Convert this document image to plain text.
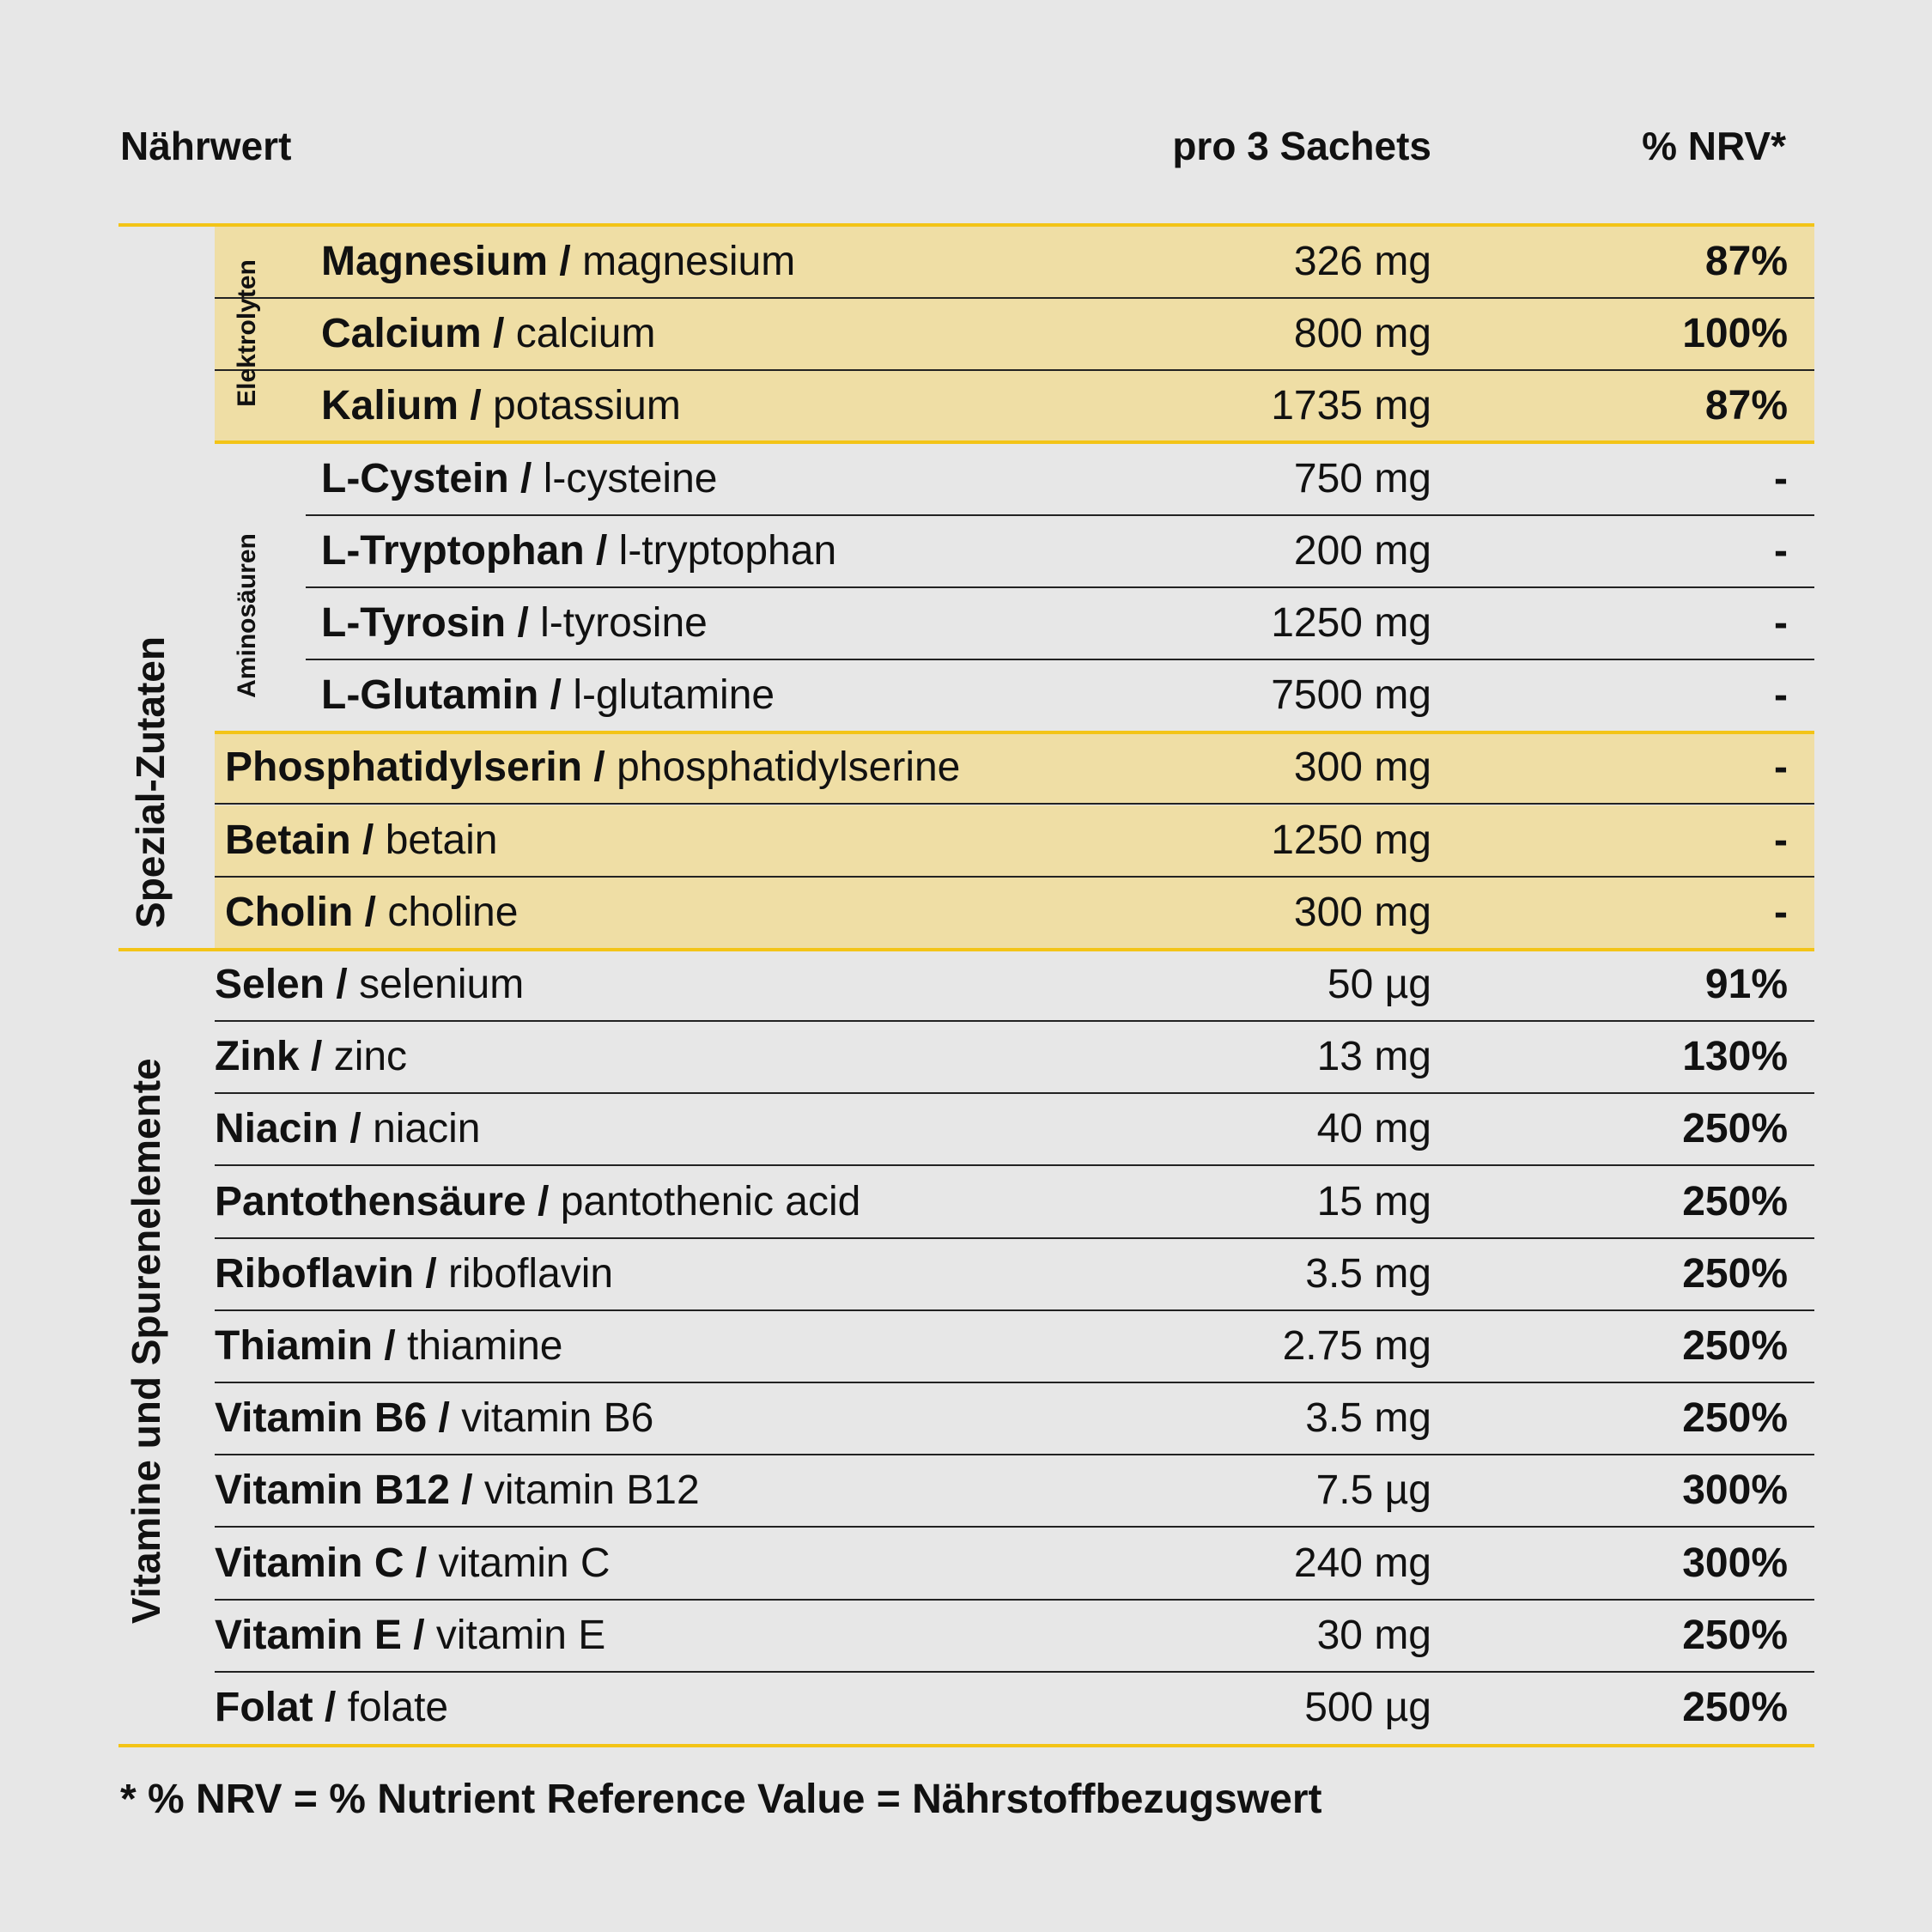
Nährwert	pro 3 Sachets	% NRV*
Magnesium / magnesium	326 mg	87%
Calcium / calcium	800 mg	100%
Kalium / potassium	1735 mg	87%
L-Cystein / l-cysteine	750 mg	-
L-Tryptophan / l-tryptophan	200 mg	-
L-Tyrosin / l-tyrosine	1250 mg	-
L-Glutamin / l-glutamine	7500 mg	-
Phosphatidylserin / phosphatidylserine	300 mg	-
Betain / betain	1250 mg	-
Cholin / choline	300 mg	-
Selen / selenium	50 µg	91%
Zink / zinc	13 mg	130%
Niacin / niacin	40 mg	250%
Pantothensäure / pantothenic acid	15 mg	250%
Riboflavin / riboflavin	3.5 mg	250%
Thiamin / thiamine	2.75 mg	250%
Vitamin B6 / vitamin B6	3.5 mg	250%
Vitamin B12 / vitamin B12	7.5 µg	300%
Vitamin C / vitamin C	240 mg	300%
Vitamin E / vitamin E	30 mg	250%
Folat / folate	500 µg	250%
Spezial-Zutaten
Elektrolyten
Aminosäuren
Vitamine und Spurenelemente
* % NRV = % Nutrient Reference Value = Nährstoffbezugswert
